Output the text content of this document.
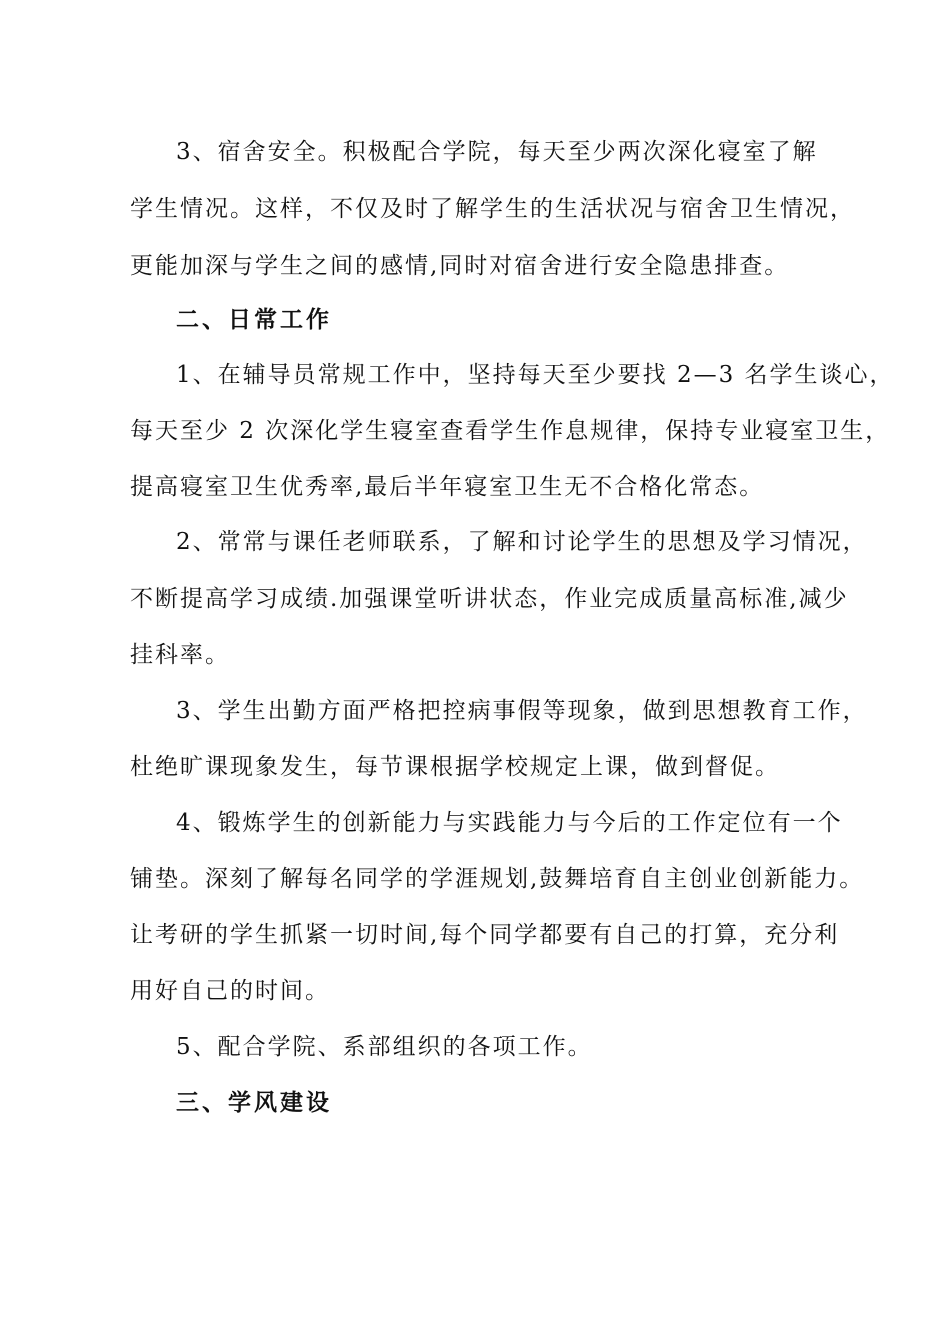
3、宿舍安全。积极配合学院，每天至少两次深化寝室了解
学生情况。这样，不仅及时了解学生的生活状况与宿舍卫生情况，
更能加深与学生之间的感情,同时对宿舍进行安全隐患排查。
二、日常工作
1、在辅导员常规工作中，坚持每天至少要找 2—3 名学生谈心，
每天至少 2 次深化学生寝室查看学生作息规律，保持专业寝室卫生，
提高寝室卫生优秀率,最后半年寝室卫生无不合格化常态。
2、常常与课任老师联系，了解和讨论学生的思想及学习情况，
不断提高学习成绩.加强课堂听讲状态，作业完成质量高标准,减少
挂科率。
3、学生出勤方面严格把控病事假等现象，做到思想教育工作，
杜绝旷课现象发生，每节课根据学校规定上课，做到督促。
4、锻炼学生的创新能力与实践能力与今后的工作定位有一个
铺垫。深刻了解每名同学的学涯规划,鼓舞培育自主创业创新能力。
让考研的学生抓紧一切时间,每个同学都要有自己的打算，充分利
用好自己的时间。
5、配合学院、系部组织的各项工作。
三、学风建设
